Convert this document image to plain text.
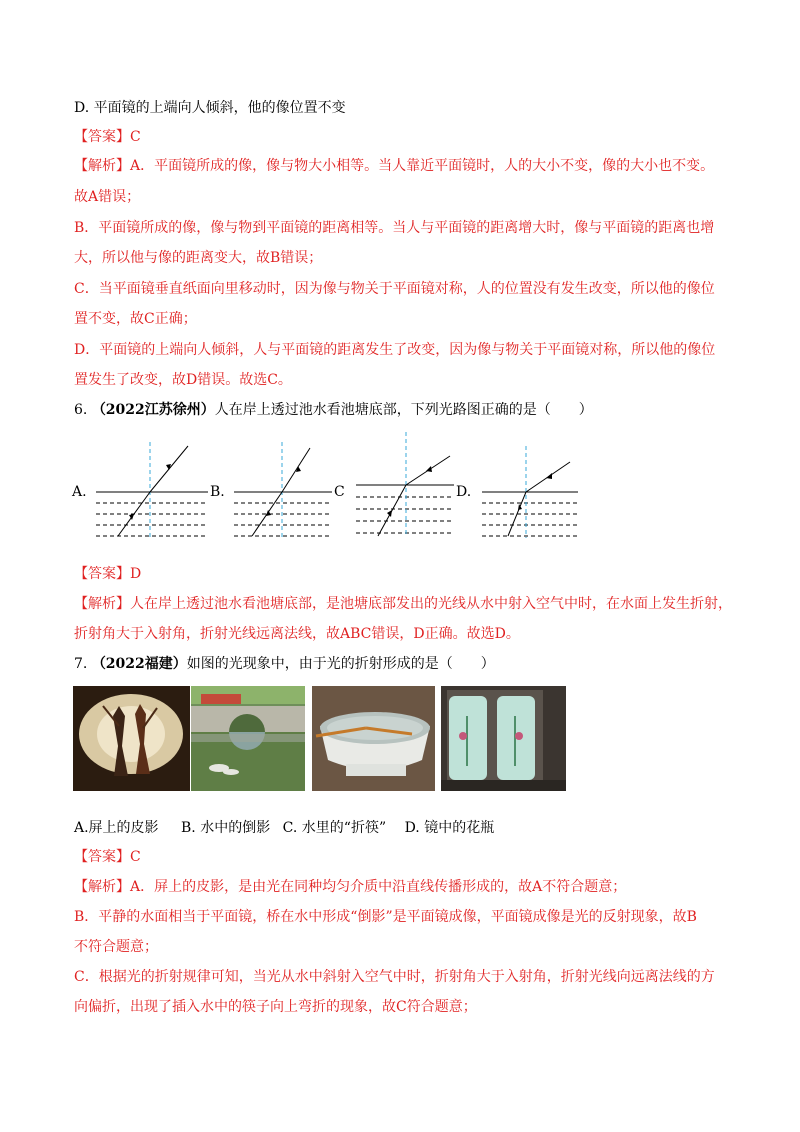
D. 平面镜的上端向人倾斜，他的像位置不变
【答案】C
【解析】A．平面镜所成的像，像与物大小相等。当人靠近平面镜时，人的大小不变，像的大小也不变。
故A错误；
B．平面镜所成的像，像与物到平面镜的距离相等。当人与平面镜的距离增大时，像与平面镜的距离也增
大，所以他与像的距离变大，故B错误；
C．当平面镜垂直纸面向里移动时，因为像与物关于平面镜对称，人的位置没有发生改变，所以他的像位
置不变，故C正确；
D．平面镜的上端向人倾斜，人与平面镜的距离发生了改变，因为像与物关于平面镜对称，所以他的像位
置发生了改变，故D错误。故选C。
6. （2022江苏徐州）人在岸上透过池水看池塘底部，下列光路图正确的是（　　）
A.	B.	C	D.
【答案】D
【解析】人在岸上透过池水看池塘底部，是池塘底部发出的光线从水中射入空气中时，在水面上发生折射，
折射角大于入射角，折射光线远离法线，故ABC错误，D正确。故选D。
7. （2022福建）如图的光现象中，由于光的折射形成的是（　　）
A.屏上的皮影 B. 水中的倒影 C. 水里的“折筷” D. 镜中的花瓶
【答案】C
【解析】A．屏上的皮影，是由光在同种均匀介质中沿直线传播形成的，故A不符合题意；
B．平静的水面相当于平面镜，桥在水中形成“倒影”是平面镜成像，平面镜成像是光的反射现象，故B
不符合题意；
C．根据光的折射规律可知，当光从水中斜射入空气中时，折射角大于入射角，折射光线向远离法线的方
向偏折，出现了插入水中的筷子向上弯折的现象，故C符合题意；
